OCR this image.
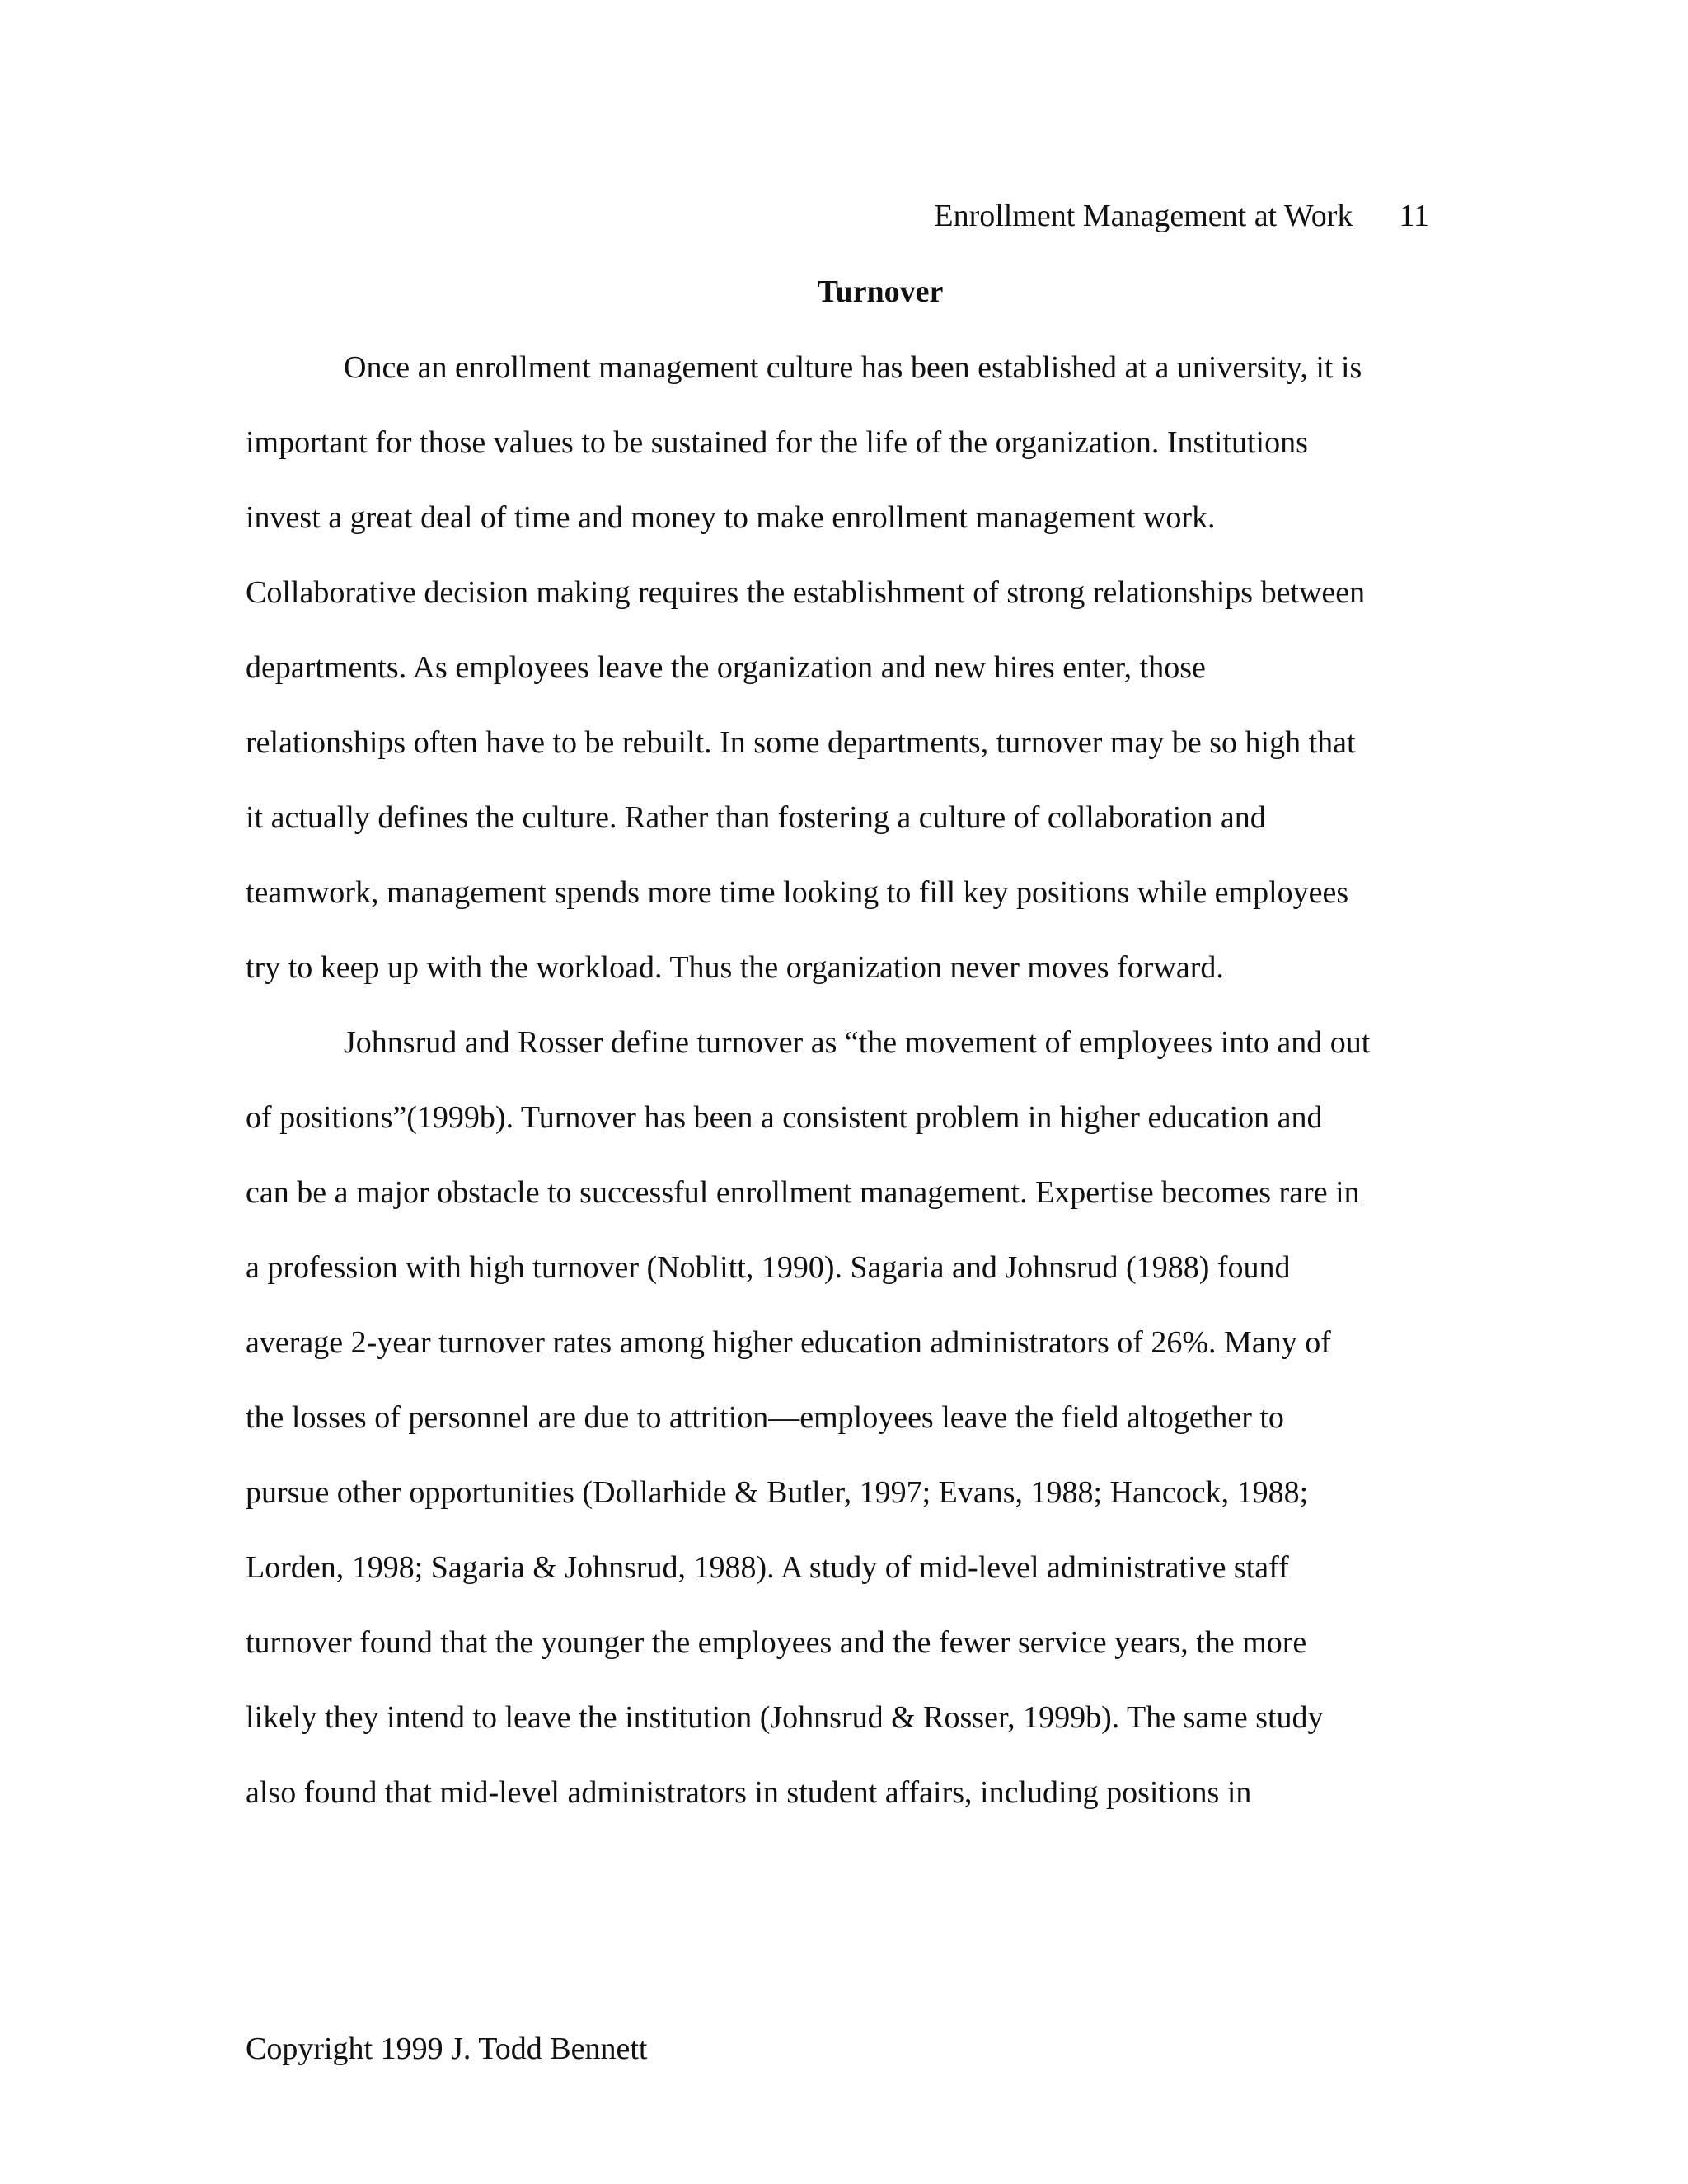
Enrollment Management at Work 11
Turnover
Once an enrollment management culture has been established at a university, it is
important for those values to be sustained for the life of the organization. Institutions
invest a great deal of time and money to make enrollment management work.
Collaborative decision making requires the establishment of strong relationships between
departments. As employees leave the organization and new hires enter, those
relationships often have to be rebuilt. In some departments, turnover may be so high that
it actually defines the culture. Rather than fostering a culture of collaboration and
teamwork, management spends more time looking to fill key positions while employees
try to keep up with the workload. Thus the organization never moves forward.
Johnsrud and Rosser define turnover as “the movement of employees into and out
of positions”(1999b). Turnover has been a consistent problem in higher education and
can be a major obstacle to successful enrollment management. Expertise becomes rare in
a profession with high turnover (Noblitt, 1990). Sagaria and Johnsrud (1988) found
average 2-year turnover rates among higher education administrators of 26%. Many of
the losses of personnel are due to attrition—employees leave the field altogether to
pursue other opportunities (Dollarhide & Butler, 1997; Evans, 1988; Hancock, 1988;
Lorden, 1998; Sagaria & Johnsrud, 1988). A study of mid-level administrative staff
turnover found that the younger the employees and the fewer service years, the more
likely they intend to leave the institution (Johnsrud & Rosser, 1999b). The same study
also found that mid-level administrators in student affairs, including positions in
Copyright 1999 J. Todd Bennett
